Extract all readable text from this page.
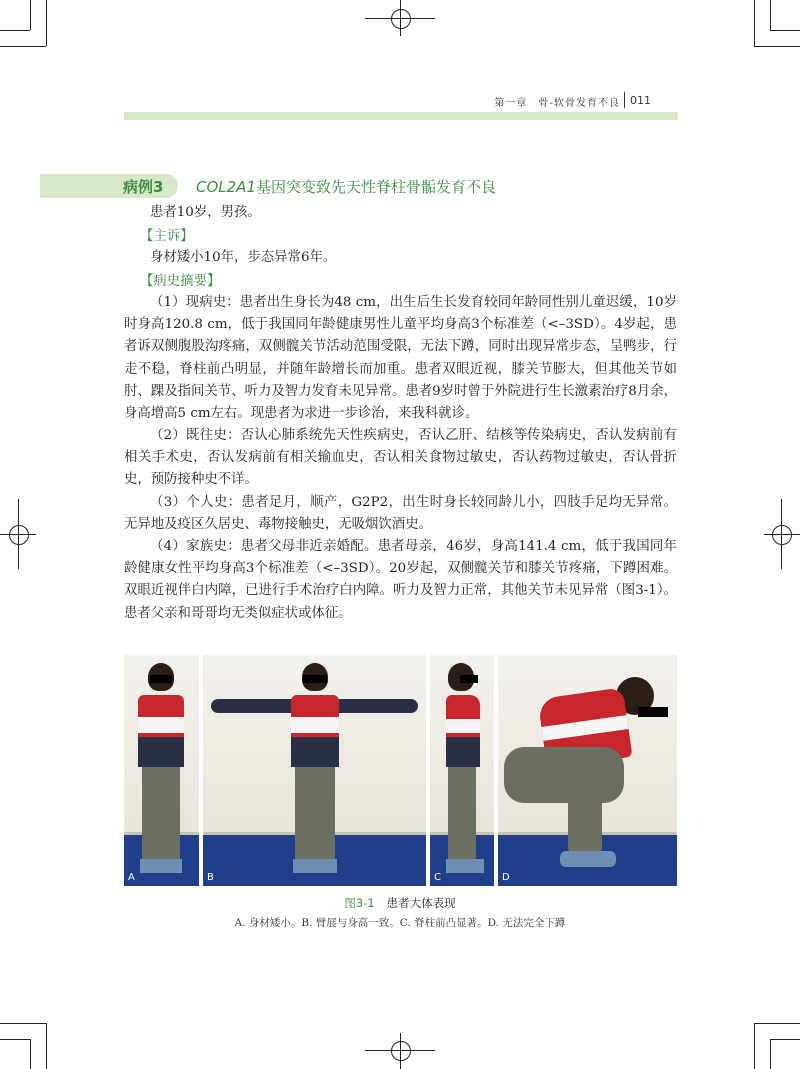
第一章　骨-软骨发育不良 011
病例3 COL2A1基因突变致先天性脊柱骨骺发育不良
患者10岁，男孩。
【主诉】
身材矮小10年，步态异常6年。
【病史摘要】
（1）现病史：患者出生身长为48 cm，出生后生长发育较同年龄同性别儿童迟缓，10岁时身高120.8 cm，低于我国同年龄健康男性儿童平均身高3个标准差（<–3SD）。4岁起，患者诉双侧腹股沟疼痛，双侧髋关节活动范围受限，无法下蹲，同时出现异常步态，呈鸭步，行走不稳，脊柱前凸明显，并随年龄增长而加重。患者双眼近视，膝关节膨大，但其他关节如肘、踝及指间关节、听力及智力发育未见异常。患者9岁时曾于外院进行生长激素治疗8月余，身高增高5 cm左右。现患者为求进一步诊治，来我科就诊。
（2）既往史：否认心肺系统先天性疾病史，否认乙肝、结核等传染病史，否认发病前有相关手术史，否认发病前有相关输血史，否认相关食物过敏史，否认药物过敏史，否认骨折史，预防接种史不详。
（3）个人史：患者足月，顺产，G2P2，出生时身长较同龄儿小，四肢手足均无异常。无异地及疫区久居史、毒物接触史，无吸烟饮酒史。
（4）家族史：患者父母非近亲婚配。患者母亲，46岁，身高141.4 cm，低于我国同年龄健康女性平均身高3个标准差（<–3SD）。20岁起，双侧髋关节和膝关节疼痛，下蹲困难。双眼近视伴白内障，已进行手术治疗白内障。听力及智力正常，其他关节未见异常（图3-1）。患者父亲和哥哥均无类似症状或体征。
A	B	C	D
图3-1 患者大体表现
A. 身材矮小。B. 臂展与身高一致。C. 脊柱前凸显著。D. 无法完全下蹲
